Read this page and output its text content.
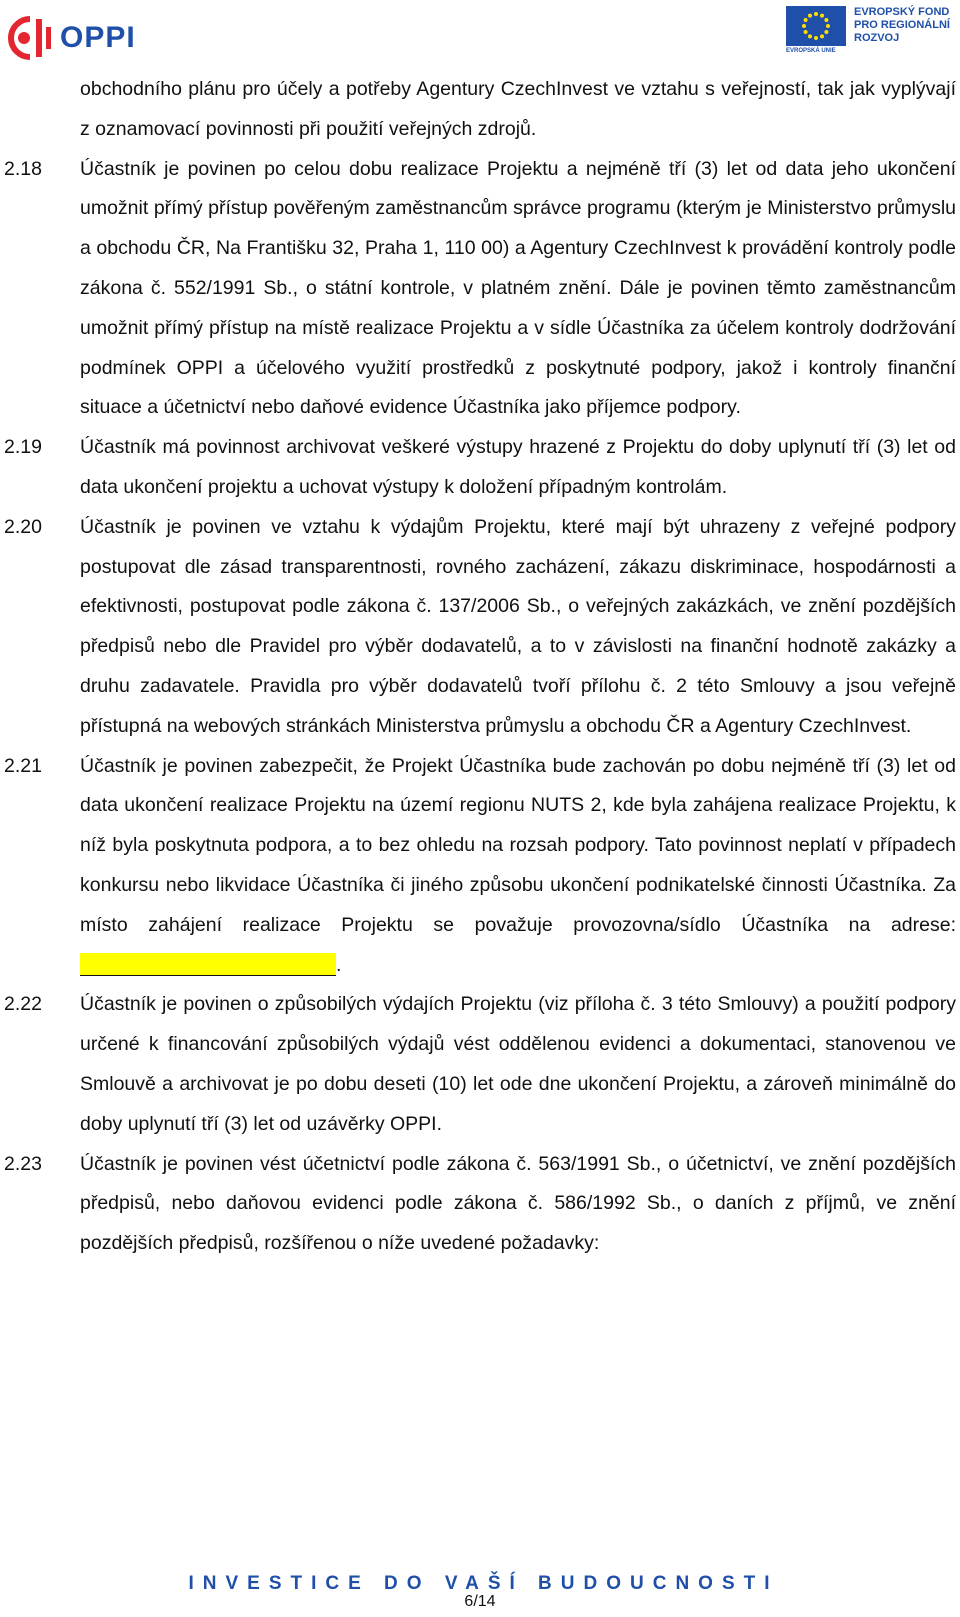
OPPI	EVROPSKÁ UNIE
EVROPSKÝ FOND
PRO REGIONÁLNÍ
ROZVOJ
obchodního plánu pro účely a potřeby Agentury CzechInvest ve vztahu s veřejností, tak jak vyplývají z oznamovací povinnosti při použití veřejných zdrojů.
2.18 Účastník je povinen po celou dobu realizace Projektu a nejméně tří (3) let od data jeho ukončení umožnit přímý přístup pověřeným zaměstnancům správce programu (kterým je Ministerstvo průmyslu a obchodu ČR, Na Františku 32, Praha 1, 110 00) a Agentury CzechInvest k provádění kontroly podle zákona č. 552/1991 Sb., o státní kontrole, v platném znění. Dále je povinen těmto zaměstnancům umožnit přímý přístup na místě realizace Projektu a v sídle Účastníka za účelem kontroly dodržování podmínek OPPI a účelového využití prostředků z poskytnuté podpory, jakož i kontroly finanční situace a účetnictví nebo daňové evidence Účastníka jako příjemce podpory.
2.19 Účastník má povinnost archivovat veškeré výstupy hrazené z Projektu do doby uplynutí tří (3) let od data ukončení projektu a uchovat výstupy k doložení případným kontrolám.
2.20 Účastník je povinen ve vztahu k výdajům Projektu, které mají být uhrazeny z veřejné podpory postupovat dle zásad transparentnosti, rovného zacházení, zákazu diskriminace, hospodárnosti a efektivnosti, postupovat podle zákona č. 137/2006 Sb., o veřejných zakázkách, ve znění pozdějších předpisů nebo dle Pravidel pro výběr dodavatelů, a to v závislosti na finanční hodnotě zakázky a druhu zadavatele. Pravidla pro výběr dodavatelů tvoří přílohu č. 2 této Smlouvy a jsou veřejně přístupná na webových stránkách Ministerstva průmyslu a obchodu ČR a Agentury CzechInvest.
2.21 Účastník je povinen zabezpečit, že Projekt Účastníka bude zachován po dobu nejméně tří (3) let od data ukončení realizace Projektu na území regionu NUTS 2, kde byla zahájena realizace Projektu, k níž byla poskytnuta podpora, a to bez ohledu na rozsah podpory. Tato povinnost neplatí v případech konkursu nebo likvidace Účastníka či jiného způsobu ukončení podnikatelské činnosti Účastníka. Za místo zahájení realizace Projektu se považuje provozovna/sídlo Účastníka na adrese: .
2.22 Účastník je povinen o způsobilých výdajích Projektu (viz příloha č. 3 této Smlouvy) a použití podpory určené k financování způsobilých výdajů vést oddělenou evidenci a dokumentaci, stanovenou ve Smlouvě a archivovat je po dobu deseti (10) let ode dne ukončení Projektu, a zároveň minimálně do doby uplynutí tří (3) let od uzávěrky OPPI.
2.23 Účastník je povinen vést účetnictví podle zákona č. 563/1991 Sb., o účetnictví, ve znění pozdějších předpisů, nebo daňovou evidenci podle zákona č. 586/1992 Sb., o daních z příjmů, ve znění pozdějších předpisů, rozšířenou o níže uvedené požadavky:
INVESTICE DO VAŠÍ BUDOUCNOSTI
6/14
